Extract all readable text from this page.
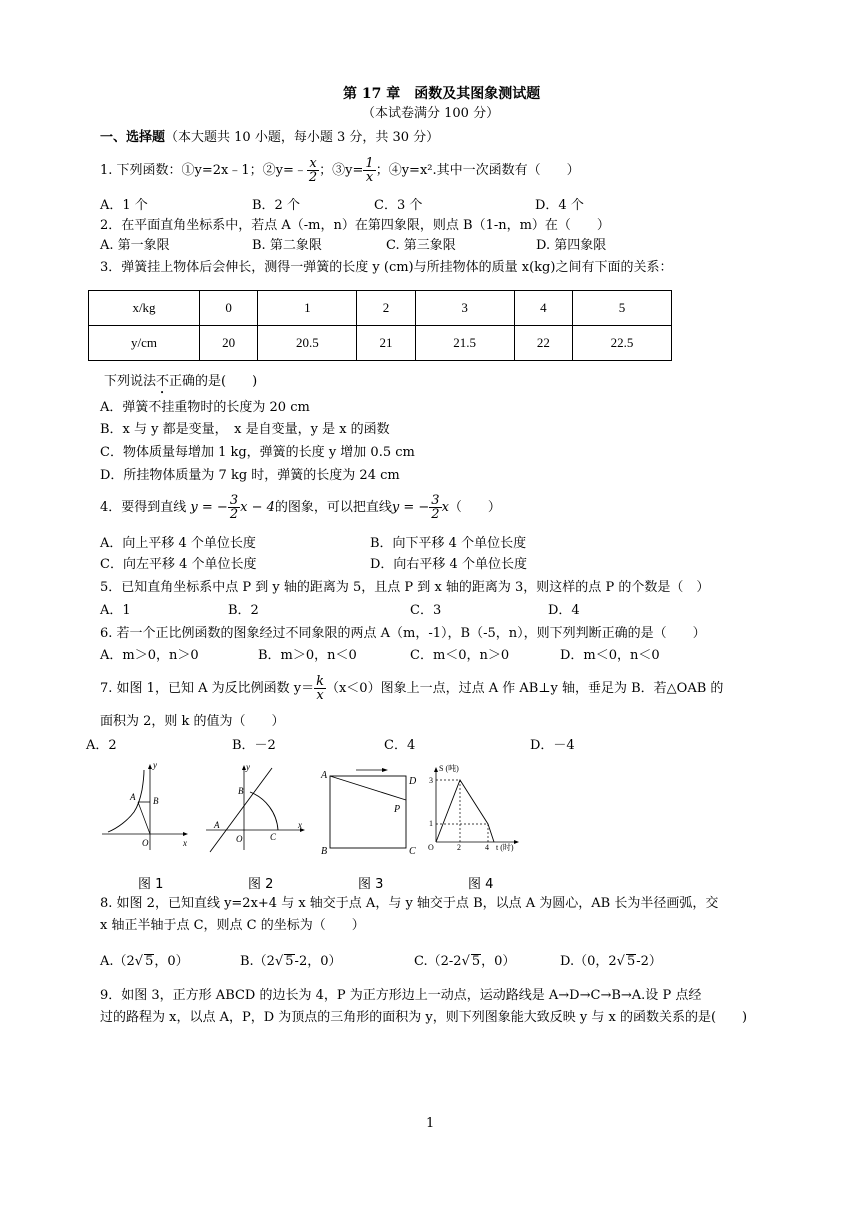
第 17 章　函数及其图象测试题
（本试卷满分 100 分）
一、选择题（本大题共 10 小题，每小题 3 分，共 30 分）
1. 下列函数：①y=2x﹣1；②y=﹣ $\frac{x}{2}$ ；③y= $\frac{1}{x}$ ；④y=x².其中一次函数有（　　）
A．1 个	B．2 个	C．3 个	D．4 个
2．在平面直角坐标系中，若点 A（-m，n）在第四象限，则点 B（1-n，m）在（　　）
A. 第一象限	B. 第二象限	C. 第三象限	D. 第四象限
3．弹簧挂上物体后会伸长，测得一弹簧的长度 y (cm)与所挂物体的质量 x(kg)之间有下面的关系：
x/kg	0	1	2	3	4	5
y/cm	20	20.5	21	21.5	22	22.5
下列说法不正确的是(　　)
A．弹簧不挂重物时的长度为 20 cm
B．x 与 y 都是变量，　x 是自变量，y 是 x 的函数
C．物体质量每增加 1 kg，弹簧的长度 y 增加 0.5 cm
D．所挂物体质量为 7 kg 时，弹簧的长度为 24 cm
4．要得到直线 y = − $\frac{3}{2}$ x − 4的图象，可以把直线y = − $\frac{3}{2} x$（　　）
A．向上平移 4 个单位长度	B．向下平移 4 个单位长度
C．向左平移 4 个单位长度	D．向右平移 4 个单位长度
5．已知直角坐标系中点 P 到 y 轴的距离为 5，且点 P 到 x 轴的距离为 3，则这样的点 P 的个数是（　）
A．1	B．2	C．3	D．4
6. 若一个正比例函数的图象经过不同象限的两点 A（m，-1），B（-5，n），则下列判断正确的是（　　）
A．m＞0，n＞0	B．m＞0，n＜0	C．m＜0，n＞0	D．m＜0，n＜0
7. 如图 1，已知 A 为反比例函数 $y= \frac{k}{x} (x<0)$图象上一点，过点 A 作 AB⊥y 轴，垂足为 B．若△OAB 的
面积为 2，则 k 的值为（　　）
A．2	B．－2	C．4	D．－4
y
A B
O	x
y
B
A
O	C
x
A
D
P
B	C
S (吨)
3
1
O	2	4 t (时)
图 1	图 2	图 3	图 4
8. 如图 2，已知直线 y=2x+4 与 x 轴交于点 A，与 y 轴交于点 B，以点 A 为圆心，AB 长为半径画弧，交
x 轴正半轴于点 C，则点 C 的坐标为（　　）
A.（2√ 5，0）	B.（2√ 5-2，0）	C.（2-2√ 5，0）	D.（0，2√ 5-2）
9．如图 3，正方形 ABCD 的边长为 4，P 为正方形边上一动点，运动路线是 A→D→C→B→A.设 P 点经
过的路程为 x，以点 A，P，D 为顶点的三角形的面积为 y，则下列图象能大致反映 y 与 x 的函数关系的是(　　)
1
